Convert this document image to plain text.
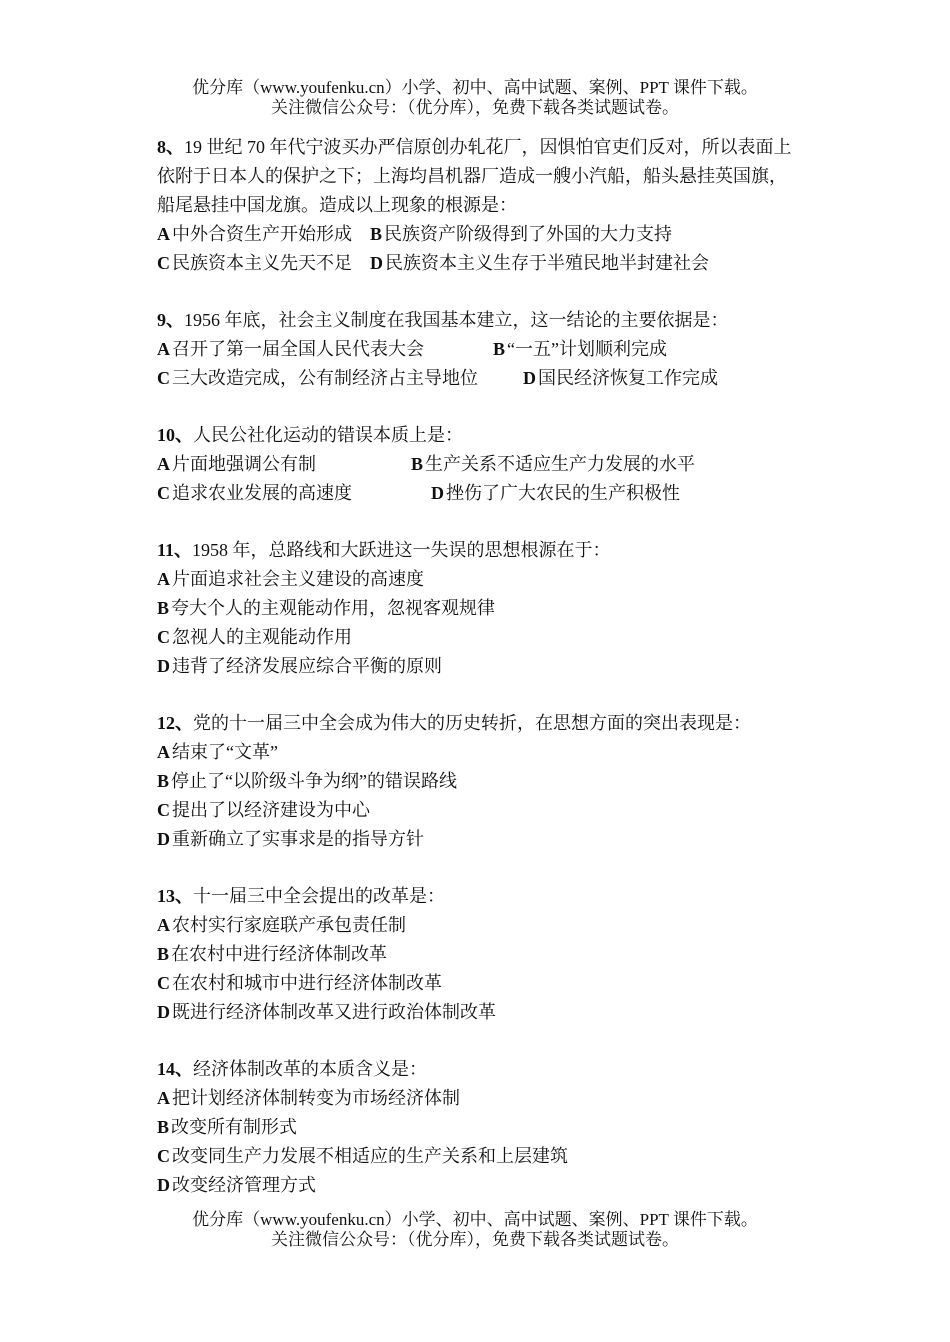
优分库（www.youfenku.cn）小学、初中、高中试题、案例、PPT 课件下载。
关注微信公众号：（优分库），免费下载各类试题试卷。
8、19 世纪 70 年代宁波买办严信原创办轧花厂，因惧怕官吏们反对，所以表面上
依附于日本人的保护之下；上海均昌机器厂造成一艘小汽船，船头悬挂英国旗，
船尾悬挂中国龙旗。造成以上现象的根源是：
A 中外合资生产开始形成 B 民族资产阶级得到了外国的大力支持
C 民族资本主义先天不足 D 民族资本主义生存于半殖民地半封建社会
9、1956 年底，社会主义制度在我国基本建立，这一结论的主要依据是：
A 召开了第一届全国人民代表大会	B “一五”计划顺利完成
C 三大改造完成，公有制经济占主导地位	D 国民经济恢复工作完成
10、人民公社化运动的错误本质上是：
A 片面地强调公有制	B 生产关系不适应生产力发展的水平
C 追求农业发展的高速度	D 挫伤了广大农民的生产积极性
11、1958 年，总路线和大跃进这一失误的思想根源在于：
A 片面追求社会主义建设的高速度
B 夸大个人的主观能动作用，忽视客观规律
C 忽视人的主观能动作用
D 违背了经济发展应综合平衡的原则
12、党的十一届三中全会成为伟大的历史转折，在思想方面的突出表现是：
A 结束了“文革”
B 停止了“以阶级斗争为纲”的错误路线
C 提出了以经济建设为中心
D 重新确立了实事求是的指导方针
13、十一届三中全会提出的改革是：
A 农村实行家庭联产承包责任制
B 在农村中进行经济体制改革
C 在农村和城市中进行经济体制改革
D 既进行经济体制改革又进行政治体制改革
14、经济体制改革的本质含义是：
A 把计划经济体制转变为市场经济体制
B 改变所有制形式
C 改变同生产力发展不相适应的生产关系和上层建筑
D 改变经济管理方式
优分库（www.youfenku.cn）小学、初中、高中试题、案例、PPT 课件下载。
关注微信公众号：（优分库），免费下载各类试题试卷。
